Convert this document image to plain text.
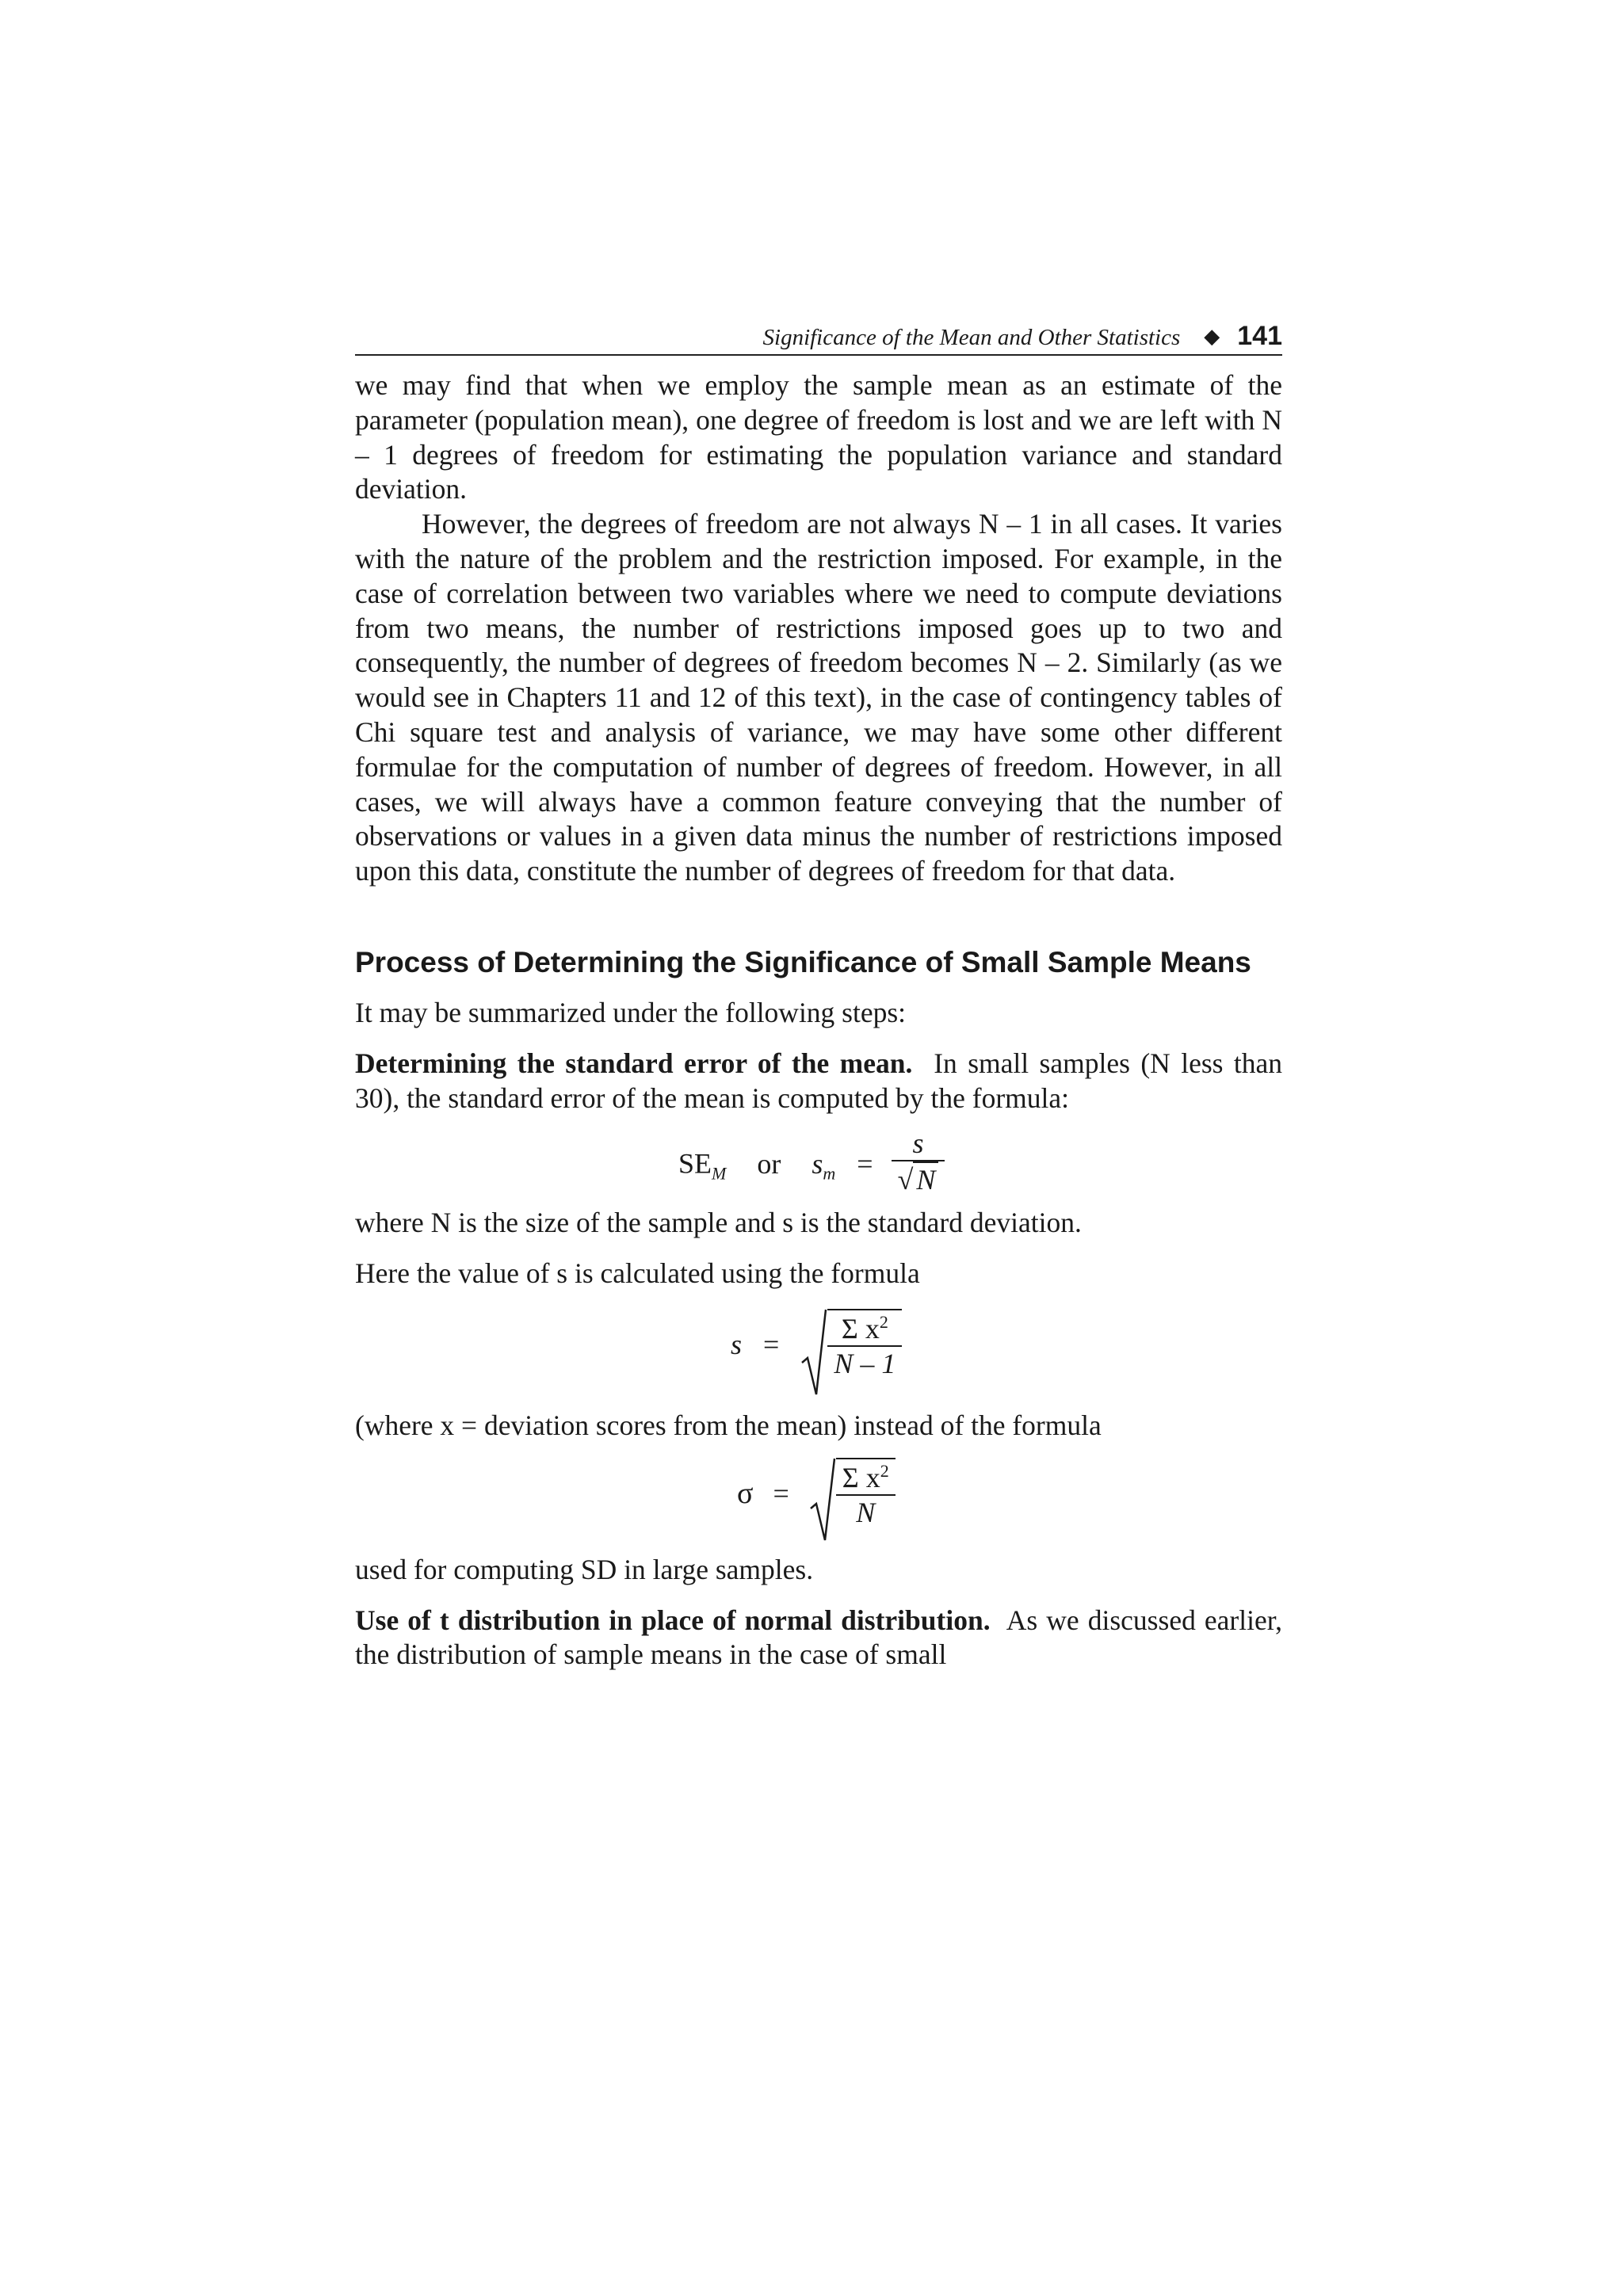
Significance of the Mean and Other Statistics ◆ 141

we may find that when we employ the sample mean as an estimate of the parameter (population mean), one degree of freedom is lost and we are left with N – 1 degrees of freedom for estimating the population variance and standard deviation.

However, the degrees of freedom are not always N – 1 in all cases. It varies with the nature of the problem and the restriction imposed. For example, in the case of correlation between two variables where we need to compute deviations from two means, the number of restrictions imposed goes up to two and consequently, the number of degrees of freedom becomes N – 2. Similarly (as we would see in Chapters 11 and 12 of this text), in the case of contingency tables of Chi square test and analysis of variance, we may have some other different formulae for the computation of number of degrees of freedom. However, in all cases, we will always have a common feature conveying that the number of observations or values in a given data minus the number of restrictions imposed upon this data, constitute the number of degrees of freedom for that data.

Process of Determining the Significance of Small Sample Means

It may be summarized under the following steps:

Determining the standard error of the mean. In small samples (N less than 30), the standard error of the mean is computed by the formula:

$SE_M$ or $s_m = \frac{s}{√ N}$

where N is the size of the sample and s is the standard deviation.

Here the value of s is calculated using the formula

$s = \frac{\Sigma x^2}{N - 1}$

(where x = deviation scores from the mean) instead of the formula

$\sigma = \frac{\Sigma x^2}{N}$

used for computing SD in large samples.

Use of t distribution in place of normal distribution. As we discussed earlier, the distribution of sample means in the case of small
